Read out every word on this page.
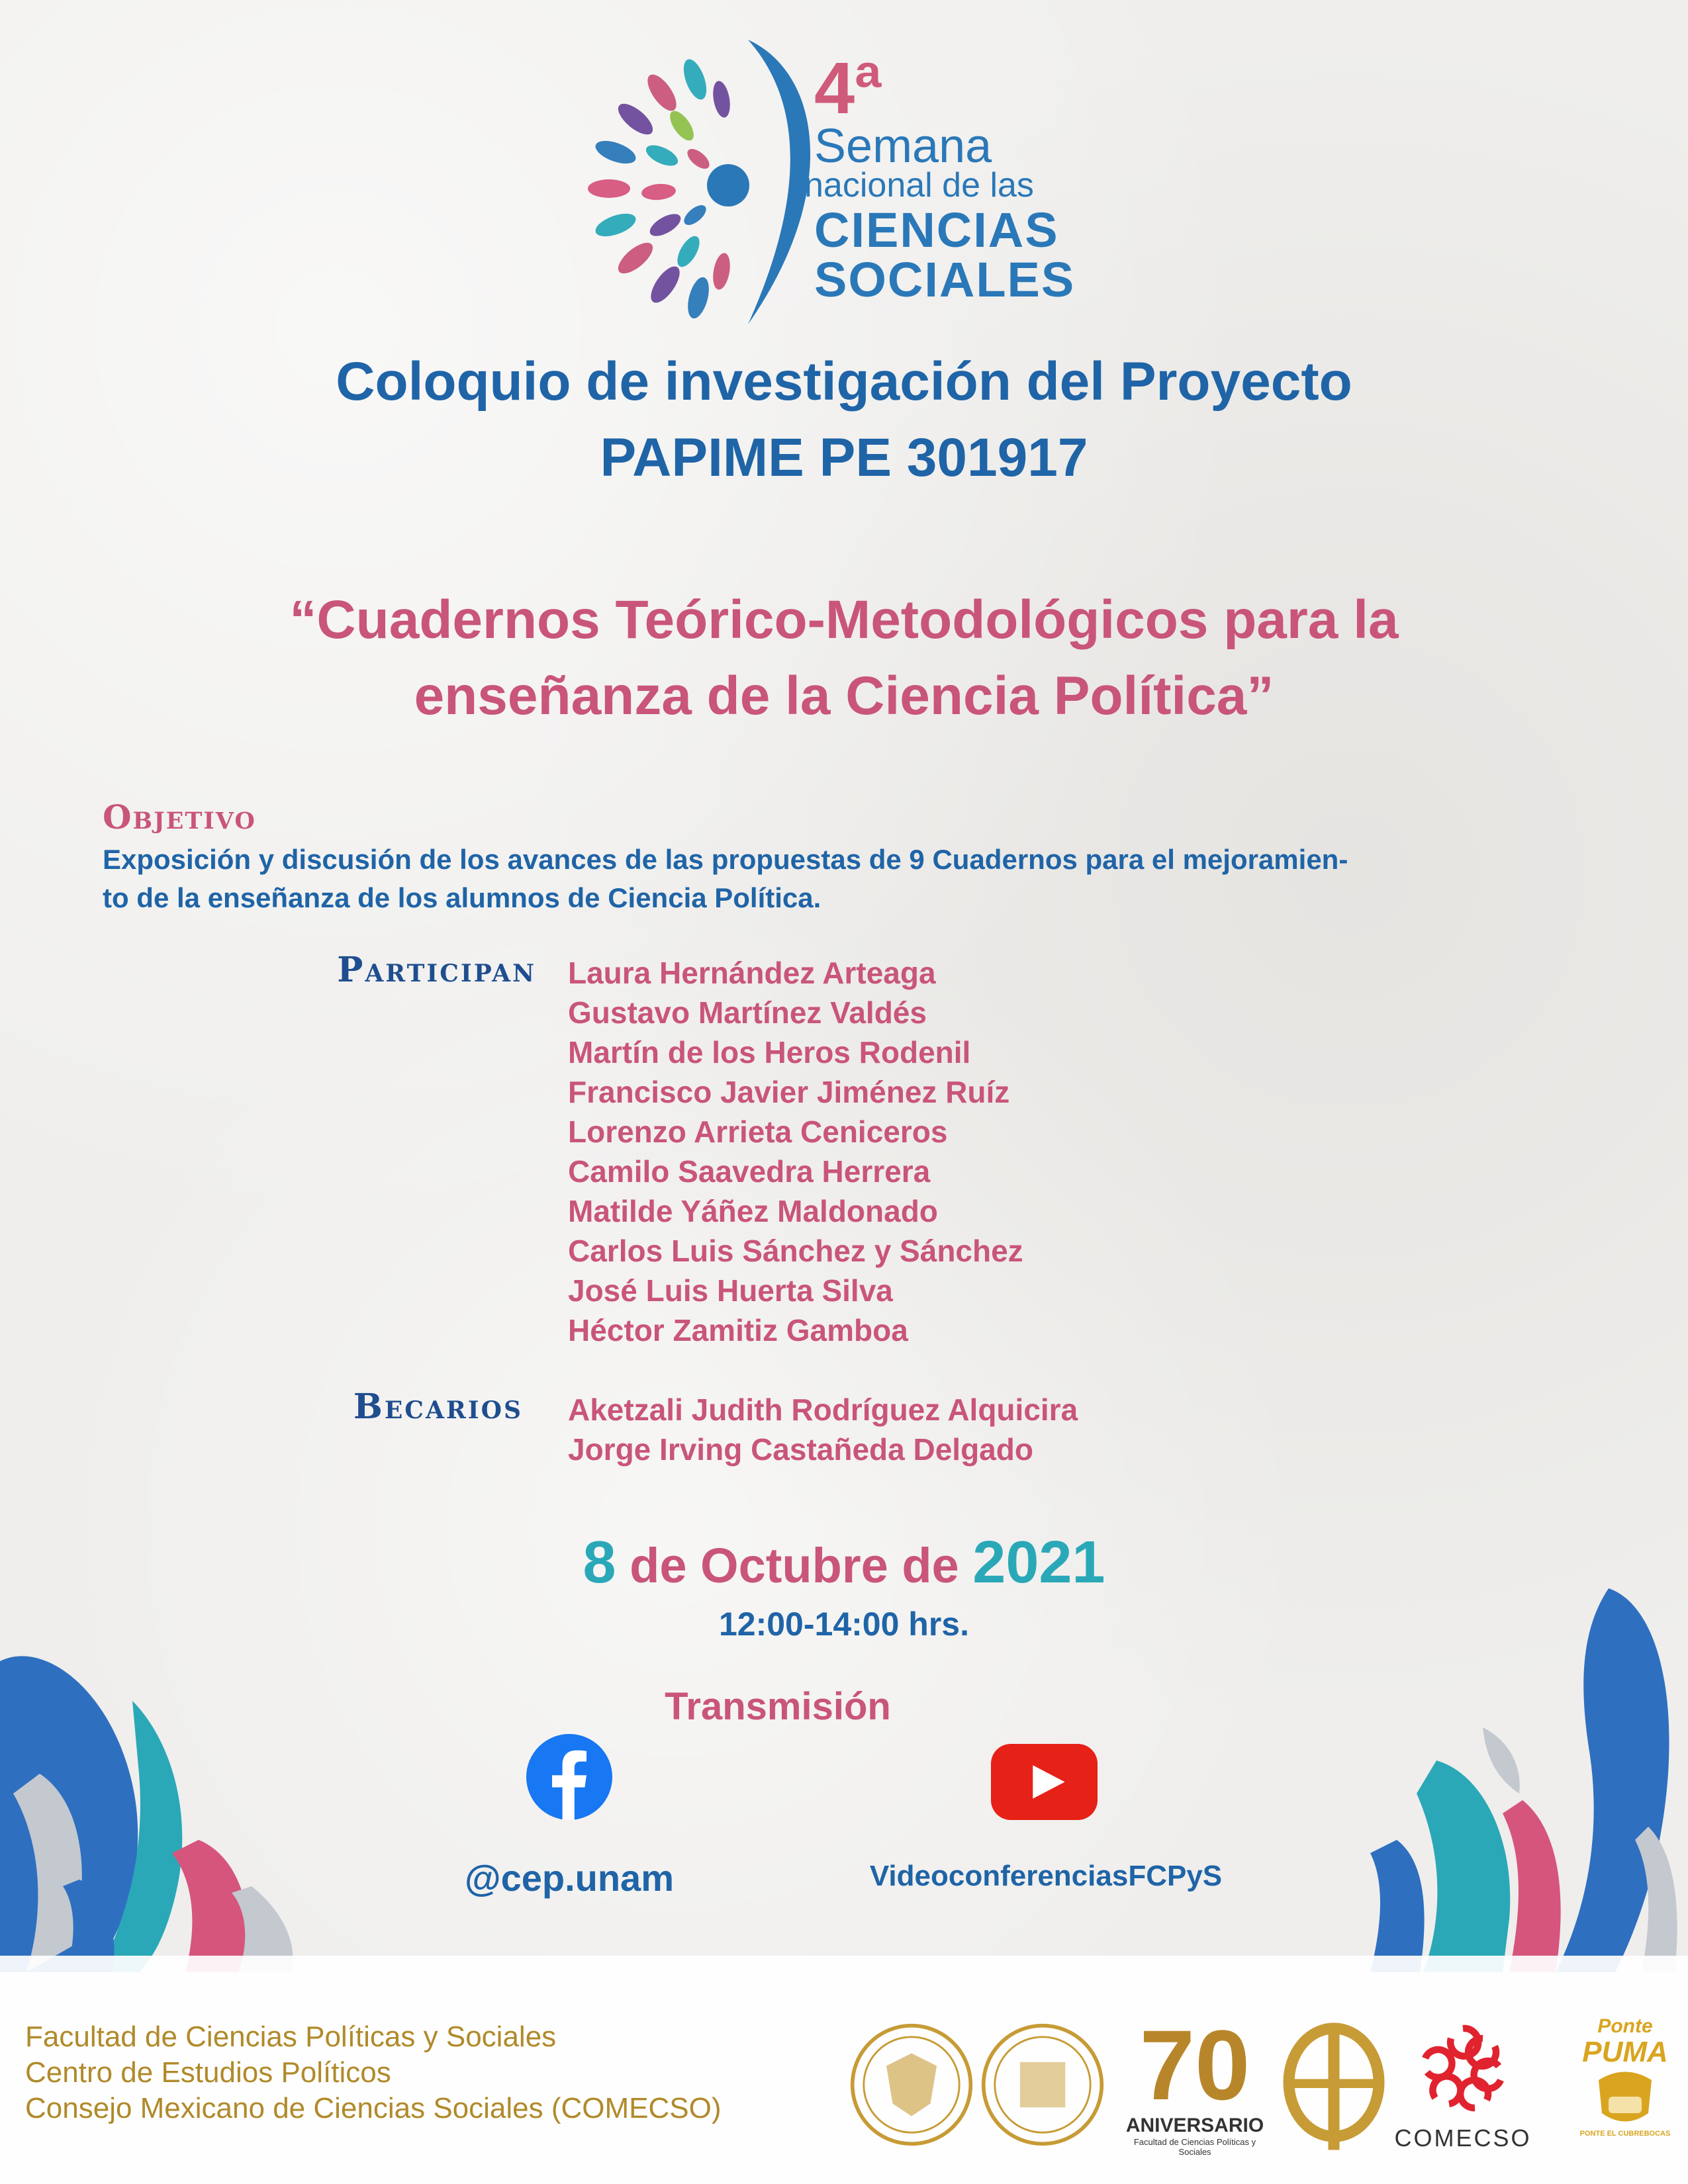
4ª
Semana
nacional de las
CIENCIAS
SOCIALES
Coloquio de investigación del Proyecto
PAPIME PE 301917
“Cuadernos Teórico-Metodológicos para la
enseñanza de la Ciencia Política”
Objetivo
Exposición y discusión de los avances de las propuestas de 9 Cuadernos para el mejoramien-
to de la enseñanza de los alumnos de Ciencia Política.
Participan Laura Hernández Arteaga
Gustavo Martínez Valdés
Martín de los Heros Rodenil
Francisco Javier Jiménez Ruíz
Lorenzo Arrieta Ceniceros
Camilo Saavedra Herrera
Matilde Yáñez Maldonado
Carlos Luis Sánchez y Sánchez
José Luis Huerta Silva
Héctor Zamitiz Gamboa
Becarios Aketzali Judith Rodríguez Alquicira
Jorge Irving Castañeda Delgado
8 de Octubre de 2021
12:00-14:00 hrs.
Transmisión
@cep.unam	VideoconferenciasFCPyS
Facultad de Ciencias Políticas y Sociales
Centro de Estudios Políticos
Consejo Mexicano de Ciencias Sociales (COMECSO)	70
ANIVERSARIO
Facultad de Ciencias Políticas y Sociales
COMECSO
Ponte
PUMA
PONTE EL CUBREBOCAS
